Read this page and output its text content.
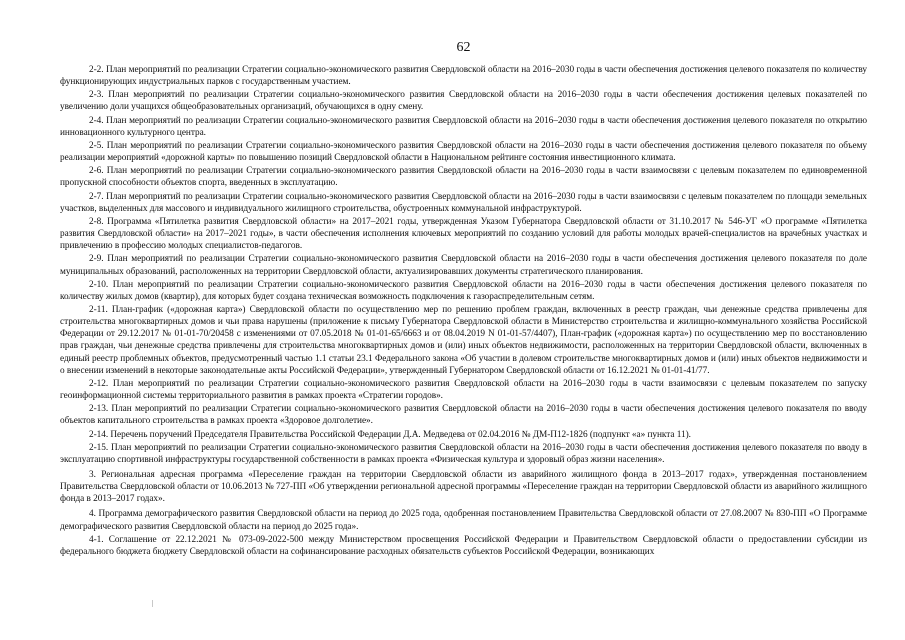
62

2-2. План мероприятий по реализации Стратегии социально-экономического развития Свердловской области на 2016–2030 годы в части обеспечения достижения целевого показателя по количеству функционирующих индустриальных парков с государственным участием.

2-3. План мероприятий по реализации Стратегии социально-экономического развития Свердловской области на 2016–2030 годы в части обеспечения достижения целевых показателей по увеличению доли учащихся общеобразовательных организаций, обучающихся в одну смену.

2-4. План мероприятий по реализации Стратегии социально-экономического развития Свердловской области на 2016–2030 годы в части обеспечения достижения целевого показателя по открытию инновационного культурного центра.

2-5. План мероприятий по реализации Стратегии социально-экономического развития Свердловской области на 2016–2030 годы в части обеспечения достижения целевого показателя по объему реализации мероприятий «дорожной карты» по повышению позиций Свердловской области в Национальном рейтинге состояния инвестиционного климата.

2-6. План мероприятий по реализации Стратегии социально-экономического развития Свердловской области на 2016–2030 годы в части взаимосвязи с целевым показателем по единовременной пропускной способности объектов спорта, введенных в эксплуатацию.

2-7. План мероприятий по реализации Стратегии социально-экономического развития Свердловской области на 2016–2030 годы в части взаимосвязи с целевым показателем по площади земельных участков, выделенных для массового и индивидуального жилищного строительства, обустроенных коммунальной инфраструктурой.

2-8. Программа «Пятилетка развития Свердловской области» на 2017–2021 годы, утвержденная Указом Губернатора Свердловской области от 31.10.2017 № 546-УГ «О программе «Пятилетка развития Свердловской области» на 2017–2021 годы», в части обеспечения исполнения ключевых мероприятий по созданию условий для работы молодых врачей-специалистов на врачебных участках и привлечению в профессию молодых специалистов-педагогов.

2-9. План мероприятий по реализации Стратегии социально-экономического развития Свердловской области на 2016–2030 годы в части обеспечения достижения целевого показателя по доле муниципальных образований, расположенных на территории Свердловской области, актуализировавших документы стратегического планирования.

2-10. План мероприятий по реализации Стратегии социально-экономического развития Свердловской области на 2016–2030 годы в части обеспечения достижения целевого показателя по количеству жилых домов (квартир), для которых будет создана техническая возможность подключения к газораспределительным сетям.

2-11. План-график («дорожная карта») Свердловской области по осуществлению мер по решению проблем граждан, включенных в реестр граждан, чьи денежные средства привлечены для строительства многоквартирных домов и чьи права нарушены (приложение к письму Губернатора Свердловской области в Министерство строительства и жилищно-коммунального хозяйства Российской Федерации от 29.12.2017 № 01-01-70/20458 с изменениями от 07.05.2018 № 01-01-65/6663 и от 08.04.2019 N 01-01-57/4407), План-график («дорожная карта») по осуществлению мер по восстановлению прав граждан, чьи денежные средства привлечены для строительства многоквартирных домов и (или) иных объектов недвижимости, расположенных на территории Свердловской области, включенных в единый реестр проблемных объектов, предусмотренный частью 1.1 статьи 23.1 Федерального закона «Об участии в долевом строительстве многоквартирных домов и (или) иных объектов недвижимости и о внесении изменений в некоторые законодательные акты Российской Федерации», утвержденный Губернатором Свердловской области от 16.12.2021 № 01-01-41/77.

2-12. План мероприятий по реализации Стратегии социально-экономического развития Свердловской области на 2016–2030 годы в части взаимосвязи с целевым показателем по запуску геоинформационной системы территориального развития в рамках проекта «Стратегии городов».

2-13. План мероприятий по реализации Стратегии социально-экономического развития Свердловской области на 2016–2030 годы в части обеспечения достижения целевого показателя по вводу объектов капитального строительства в рамках проекта «Здоровое долголетие».

2-14. Перечень поручений Председателя Правительства Российской Федерации Д.А. Медведева от 02.04.2016 № ДМ-П12-1826 (подпункт «а» пункта 11).

2-15. План мероприятий по реализации Стратегии социально-экономического развития Свердловской области на 2016–2030 годы в части обеспечения достижения целевого показателя по вводу в эксплуатацию спортивной инфраструктуры государственной собственности в рамках проекта «Физическая культура и здоровый образ жизни населения».

3. Региональная адресная программа «Переселение граждан на территории Свердловской области из аварийного жилищного фонда в 2013–2017 годах», утвержденная постановлением Правительства Свердловской области от 10.06.2013 № 727-ПП «Об утверждении региональной адресной программы «Переселение граждан на территории Свердловской области из аварийного жилищного фонда в 2013–2017 годах».

4. Программа демографического развития Свердловской области на период до 2025 года, одобренная постановлением Правительства Свердловской области от 27.08.2007 № 830-ПП «О Программе демографического развития Свердловской области на период до 2025 года».

4-1. Соглашение от 22.12.2021 № 073-09-2022-500 между Министерством просвещения Российской Федерации и Правительством Свердловской области о предоставлении субсидии из федерального бюджета бюджету Свердловской области на софинансирование расходных обязательств субъектов Российской Федерации, возникающих
